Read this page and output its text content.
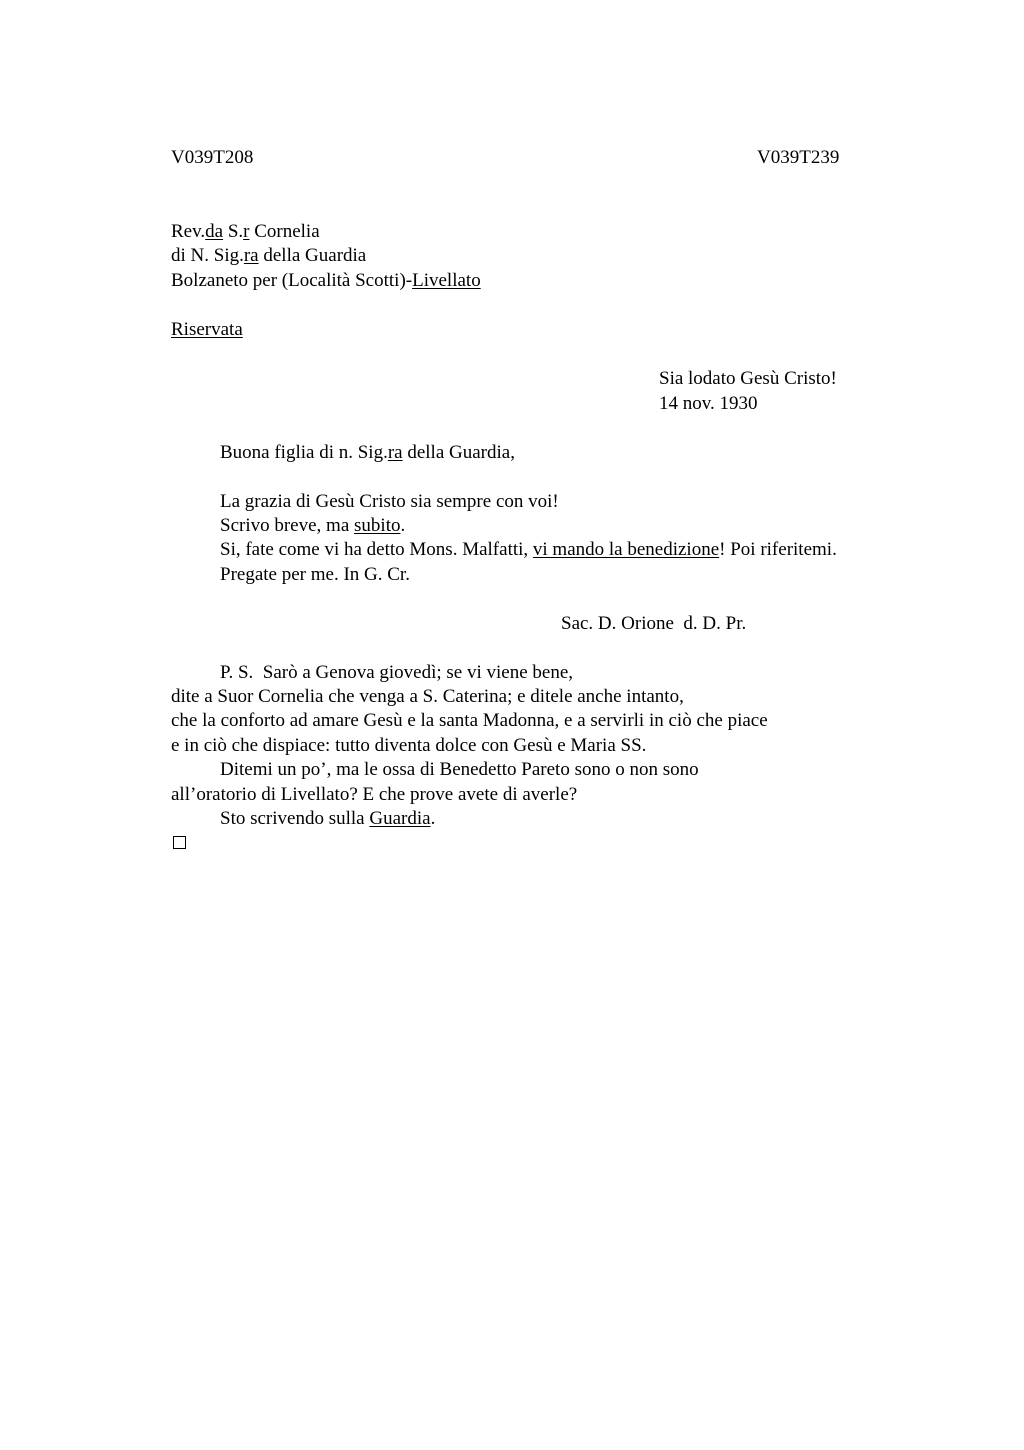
V039T208	V039T239
Rev.da S.r Cornelia
di N. Sig.ra della Guardia
Bolzaneto per (Località Scotti)-Livellato
Riservata
Sia lodato Gesù Cristo!
14 nov. 1930
Buona figlia di n. Sig.ra della Guardia,
La grazia di Gesù Cristo sia sempre con voi!
Scrivo breve, ma subito.
Si, fate come vi ha detto Mons. Malfatti, vi mando la benedizione! Poi riferitemi.
Pregate per me. In G. Cr.
Sac. D. Orione  d. D. Pr.
P. S.  Sarò a Genova giovedì; se vi viene bene,
dite a Suor Cornelia che venga a S. Caterina; e ditele anche intanto,
che la conforto ad amare Gesù e la santa Madonna, e a servirli in ciò che piace
e in ciò che dispiace: tutto diventa dolce con Gesù e Maria SS.
Ditemi un po’, ma le ossa di Benedetto Pareto sono o non sono
all’oratorio di Livellato? E che prove avete di averle?
Sto scrivendo sulla Guardia.
